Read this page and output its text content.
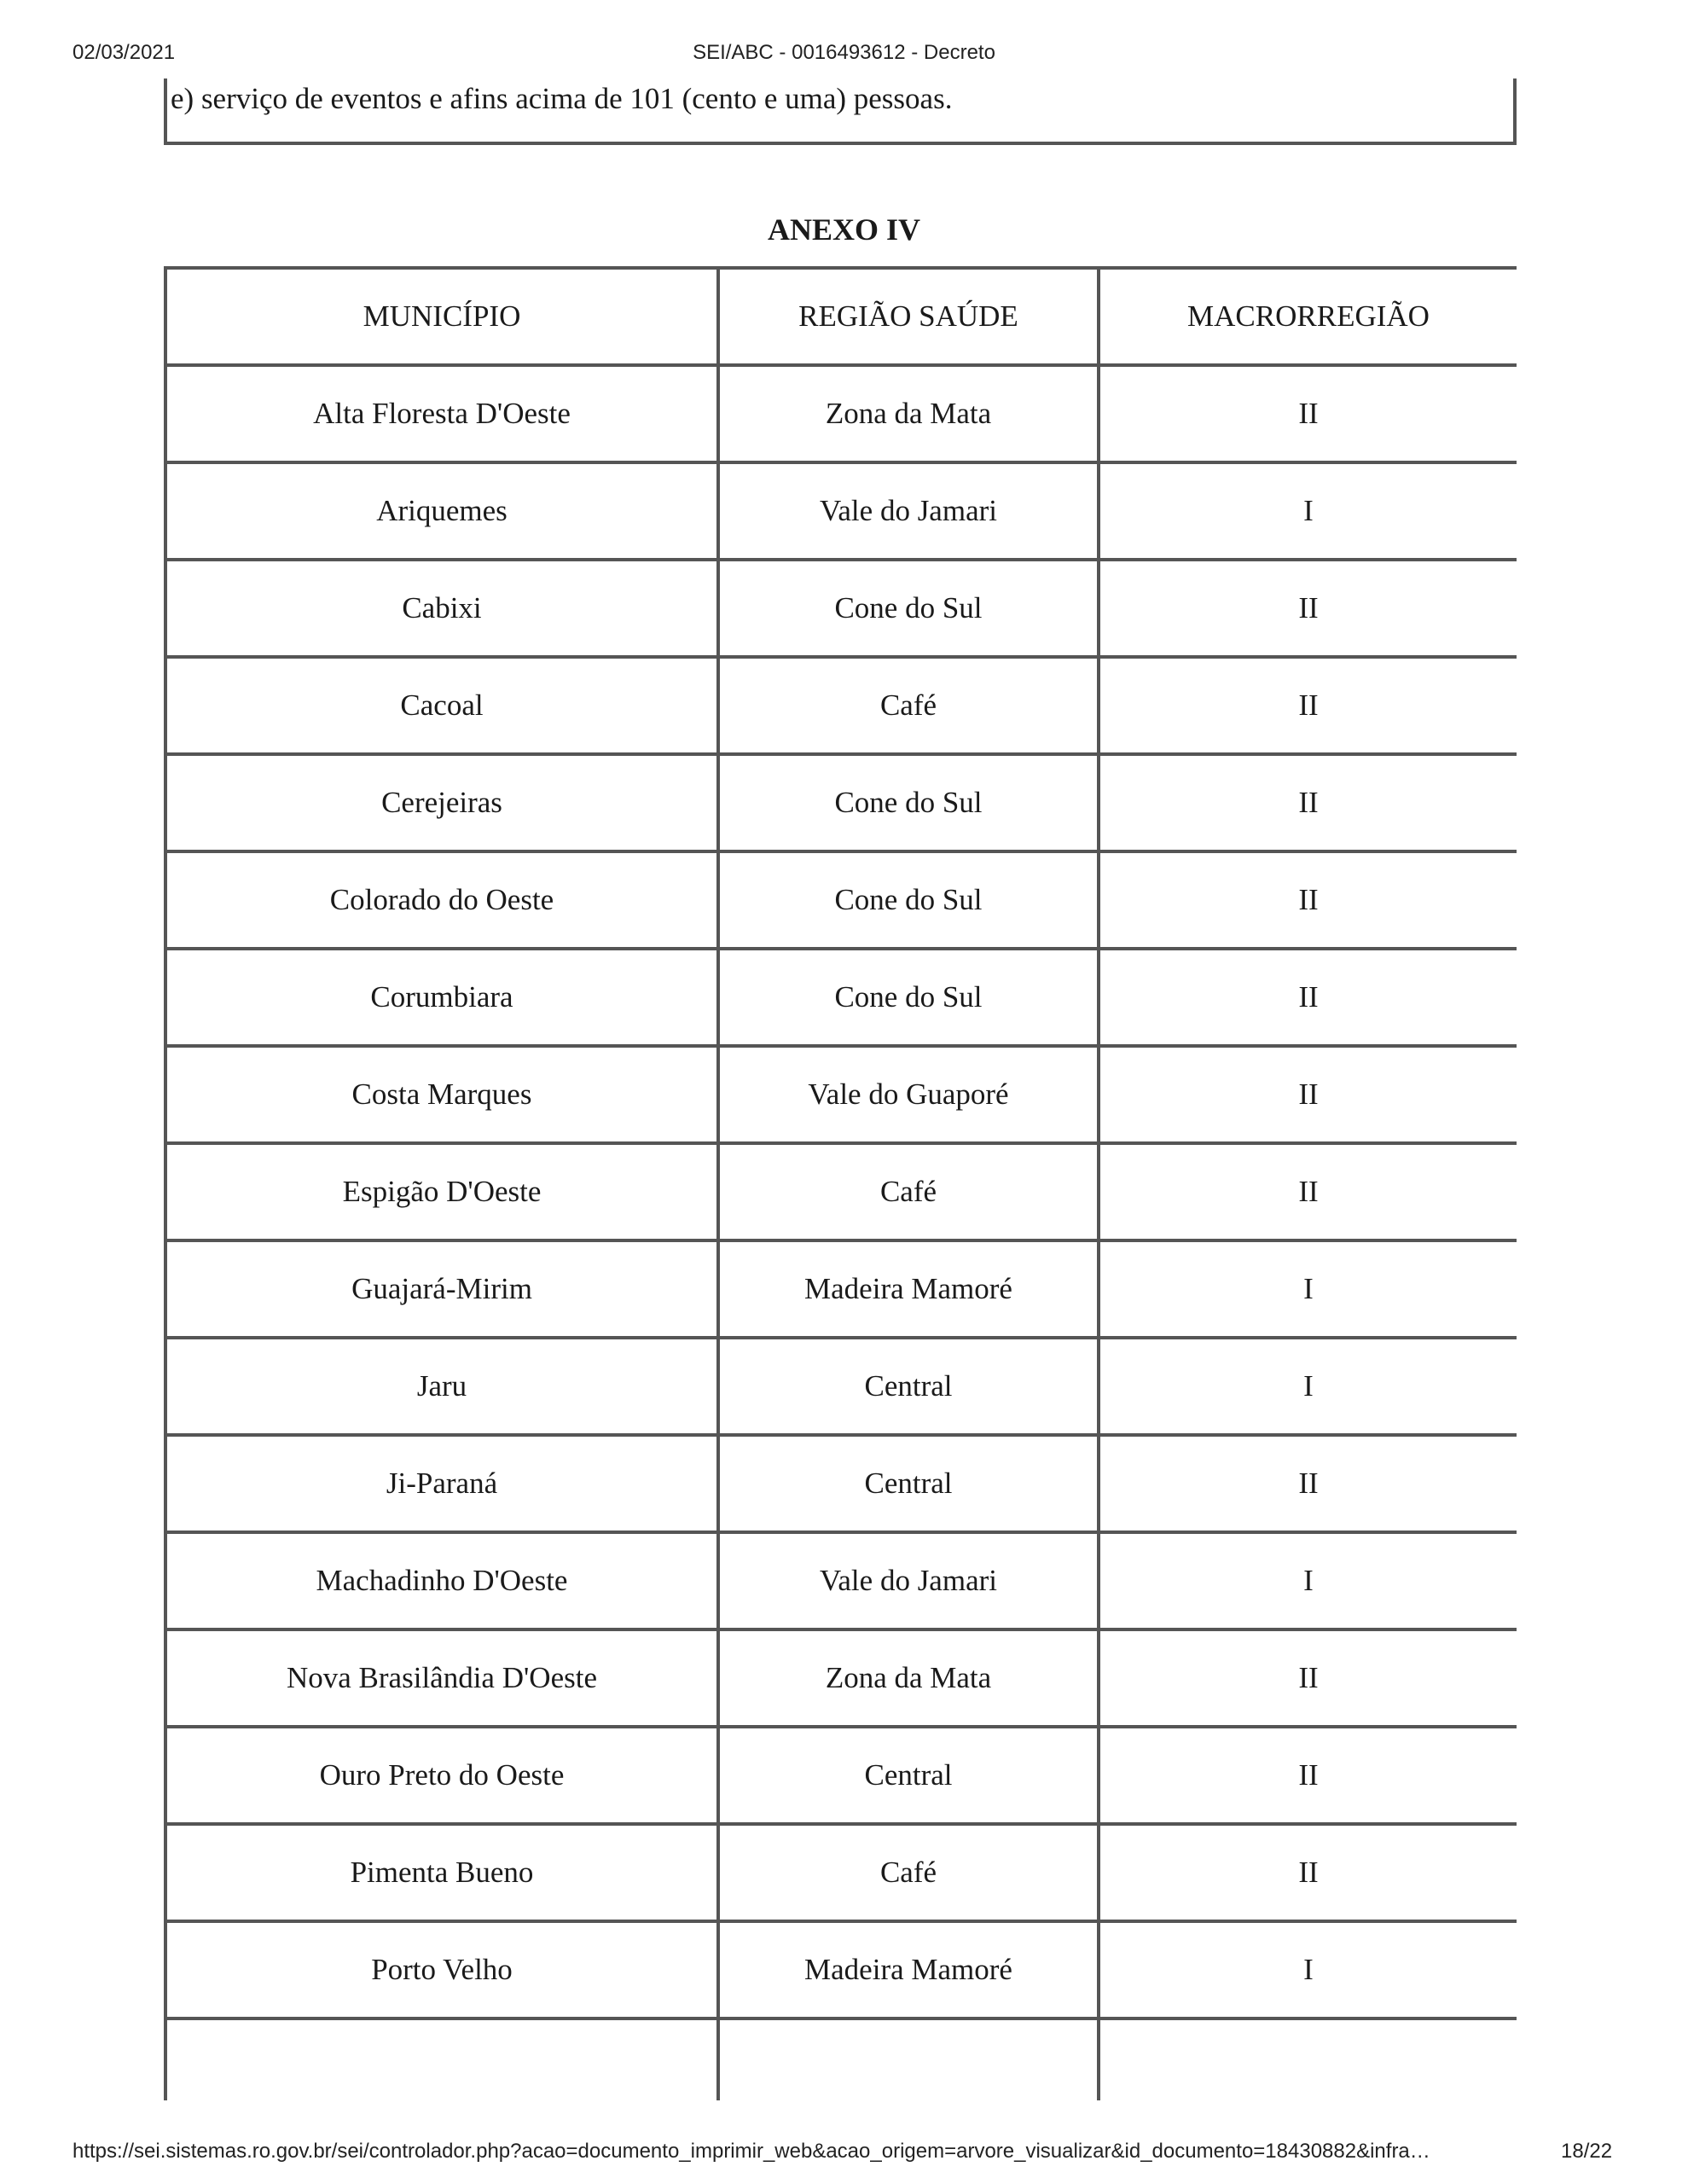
02/03/2021	SEI/ABC - 0016493612 - Decreto
e) serviço de eventos e afins acima de 101 (cento e uma) pessoas.
ANEXO IV
MUNICÍPIO	REGIÃO SAÚDE	MACRORREGIÃO
Alta Floresta D'Oeste	Zona da Mata	II
Ariquemes	Vale do Jamari	I
Cabixi	Cone do Sul	II
Cacoal	Café	II
Cerejeiras	Cone do Sul	II
Colorado do Oeste	Cone do Sul	II
Corumbiara	Cone do Sul	II
Costa Marques	Vale do Guaporé	II
Espigão D'Oeste	Café	II
Guajará-Mirim	Madeira Mamoré	I
Jaru	Central	I
Ji-Paraná	Central	II
Machadinho D'Oeste	Vale do Jamari	I
Nova Brasilândia D'Oeste	Zona da Mata	II
Ouro Preto do Oeste	Central	II
Pimenta Bueno	Café	II
Porto Velho	Madeira Mamoré	I

https://sei.sistemas.ro.gov.br/sei/controlador.php?acao=documento_imprimir_web&acao_origem=arvore_visualizar&id_documento=18430882&infra…	18/22
